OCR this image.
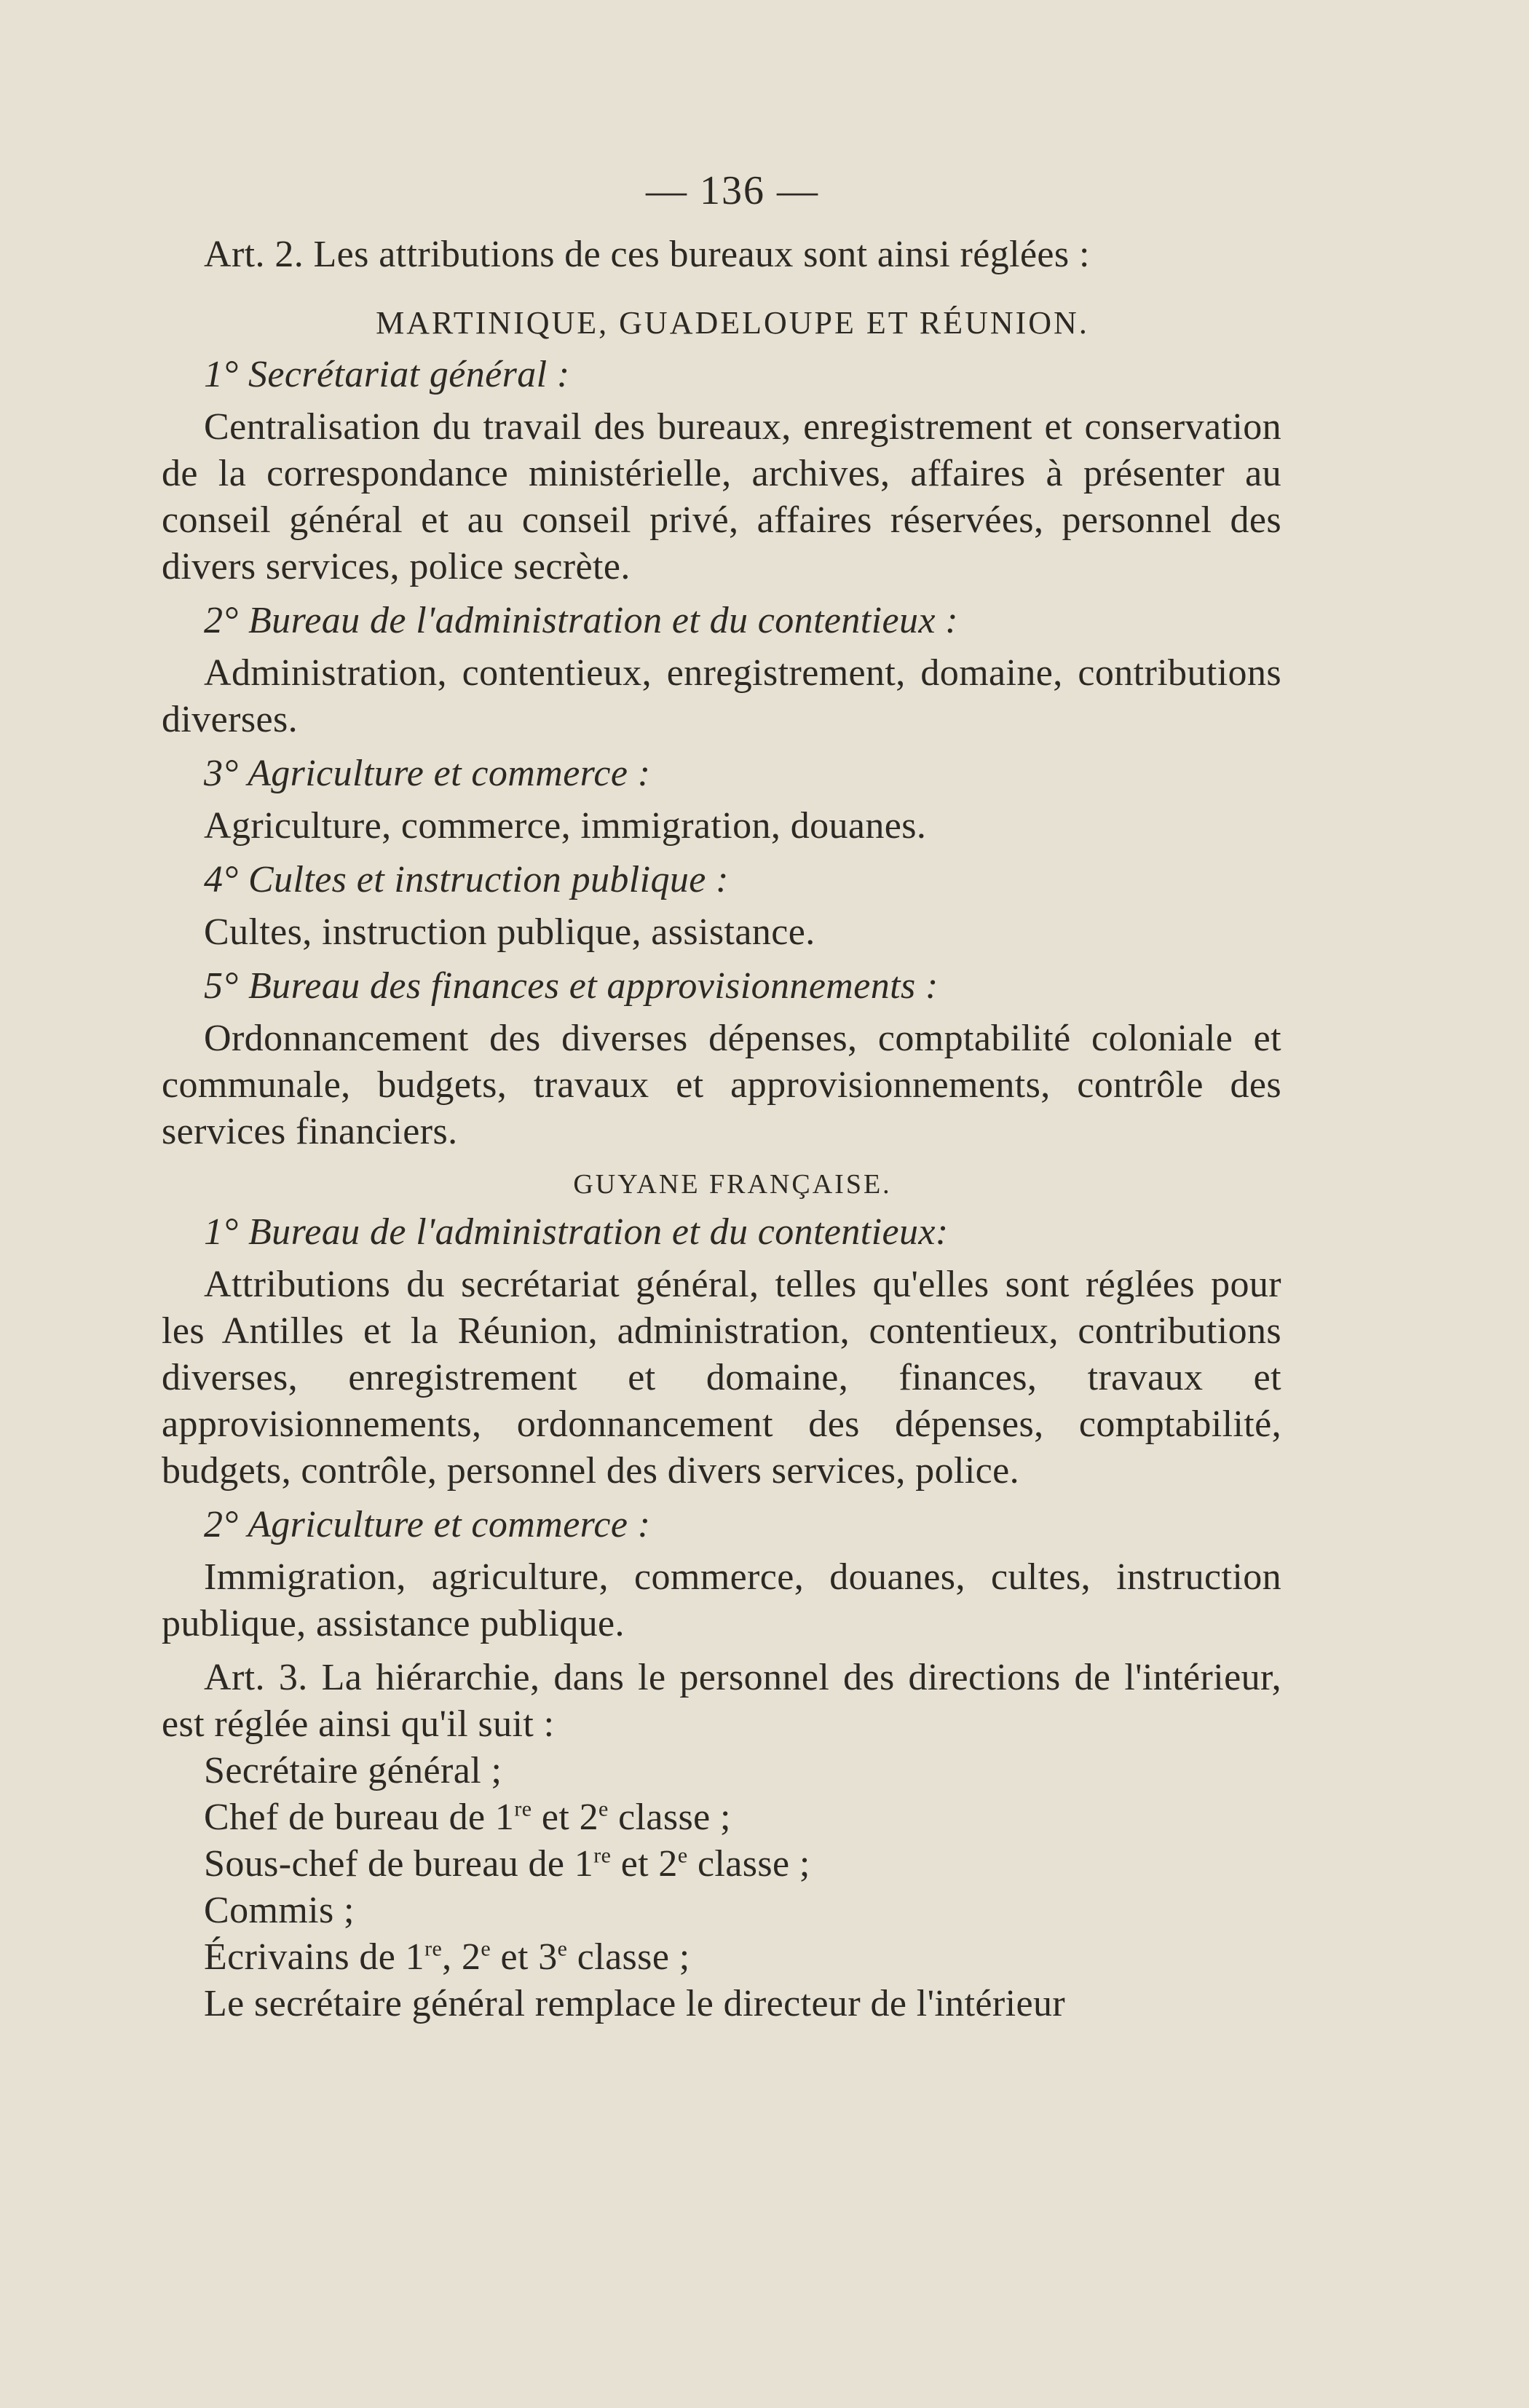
— 136 —

Art. 2. Les attributions de ces bureaux sont ainsi réglées :

MARTINIQUE, GUADELOUPE ET RÉUNION.

1° Secrétariat général :

Centralisation du travail des bureaux, enregistrement et conservation de la correspondance ministérielle, archives, affaires à présenter au conseil général et au conseil privé, affaires réservées, personnel des divers services, police secrète.

2° Bureau de l'administration et du contentieux :

Administration, contentieux, enregistrement, domaine, contributions diverses.

3° Agriculture et commerce :

Agriculture, commerce, immigration, douanes.

4° Cultes et instruction publique :

Cultes, instruction publique, assistance.

5° Bureau des finances et approvisionnements :

Ordonnancement des diverses dépenses, comptabilité coloniale et communale, budgets, travaux et approvisionnements, contrôle des services financiers.

GUYANE FRANÇAISE.

1° Bureau de l'administration et du contentieux:

Attributions du secrétariat général, telles qu'elles sont réglées pour les Antilles et la Réunion, administration, contentieux, contributions diverses, enregistrement et domaine, finances, travaux et approvisionnements, ordonnancement des dépenses, comptabilité, budgets, contrôle, personnel des divers services, police.

2° Agriculture et commerce :

Immigration, agriculture, commerce, douanes, cultes, instruction publique, assistance publique.

Art. 3. La hiérarchie, dans le personnel des directions de l'intérieur, est réglée ainsi qu'il suit :

Secrétaire général ;

Chef de bureau de 1re et 2e classe ;

Sous-chef de bureau de 1re et 2e classe ;

Commis ;

Écrivains de 1re, 2e et 3e classe ;

Le secrétaire général remplace le directeur de l'intérieur
